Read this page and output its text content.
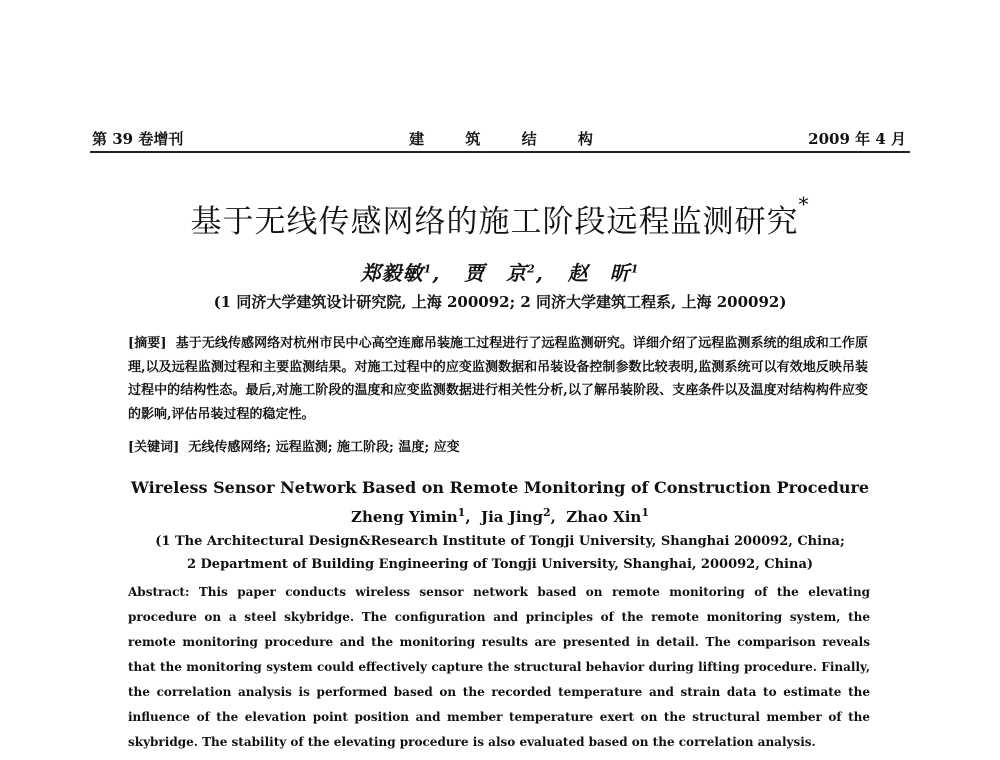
第 39 卷增刊	建 筑 结 构	2009 年 4 月
基于无线传感网络的施工阶段远程监测研究*
郑毅敏$^1$,   贾　京$^2$,   赵　昕$^1$
(1 同济大学建筑设计研究院, 上海 200092; 2 同济大学建筑工程系, 上海 200092)
[摘要] 基于无线传感网络对杭州市民中心高空连廊吊装施工过程进行了远程监测研究。详细介绍了远程监测系统的组成和工作原理,以及远程监测过程和主要监测结果。对施工过程中的应变监测数据和吊装设备控制参数比较表明,监测系统可以有效地反映吊装过程中的结构性态。最后,对施工阶段的温度和应变监测数据进行相关性分析,以了解吊装阶段、支座条件以及温度对结构构件应变的影响,评估吊装过程的稳定性。
[关键词] 无线传感网络; 远程监测; 施工阶段; 温度; 应变
Wireless Sensor Network Based on Remote Monitoring of Construction Procedure
Zheng Yimin$^1$,  Jia Jing$^2$,  Zhao Xin$^1$
(1 The Architectural Design&Research Institute of Tongji University, Shanghai 200092, China;
2 Department of Building Engineering of Tongji University, Shanghai, 200092, China)
Abstract: This paper conducts wireless sensor network based on remote monitoring of the elevating procedure on a steel skybridge. The configuration and principles of the remote monitoring system, the remote monitoring procedure and the monitoring results are presented in detail. The comparison reveals that the monitoring system could effectively capture the structural behavior during lifting procedure. Finally, the correlation analysis is performed based on the recorded temperature and strain data to estimate the influence of the elevation point position and member temperature exert on the structural member of the skybridge. The stability of the elevating procedure is also evaluated based on the correlation analysis.
